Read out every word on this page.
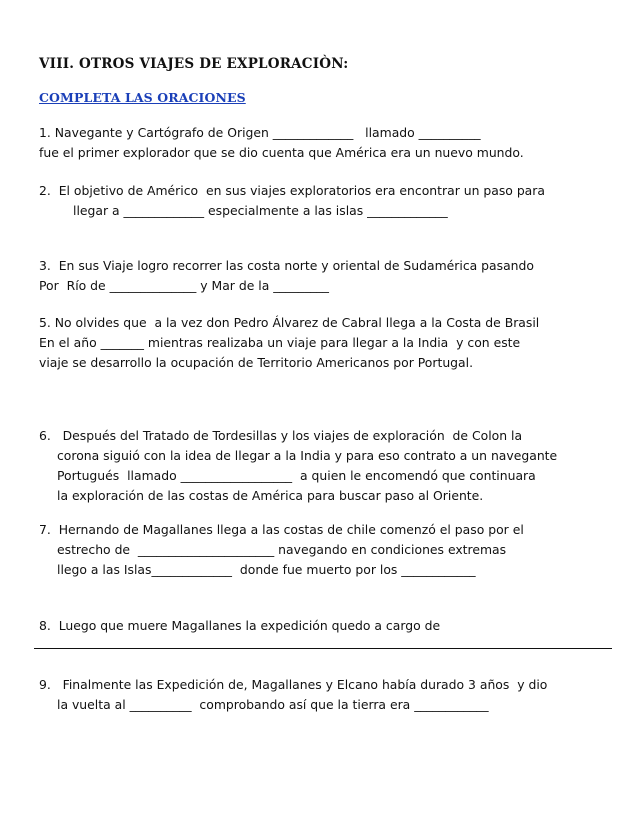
VIII. OTROS VIAJES DE EXPLORACIÒN:
COMPLETA LAS ORACIONES
1. Navegante y Cartógrafo de Origen _____________   llamado __________
fue el primer explorador que se dio cuenta que América era un nuevo mundo.
2.  El objetivo de Américo  en sus viajes exploratorios era encontrar un paso para
llegar a _____________ especialmente a las islas _____________
3.  En sus Viaje logro recorrer las costa norte y oriental de Sudamérica pasando
Por  Río de ______________ y Mar de la _________
5. No olvides que  a la vez don Pedro Álvarez de Cabral llega a la Costa de Brasil
En el año _______ mientras realizaba un viaje para llegar a la India  y con este
viaje se desarrollo la ocupación de Territorio Americanos por Portugal.
6.   Después del Tratado de Tordesillas y los viajes de exploración  de Colon la
corona siguió con la idea de llegar a la India y para eso contrato a un navegante
Portugués  llamado __________________  a quien le encomendó que continuara
la exploración de las costas de América para buscar paso al Oriente.
7.  Hernando de Magallanes llega a las costas de chile comenzó el paso por el
estrecho de  ______________________ navegando en condiciones extremas
llego a las Islas_____________  donde fue muerto por los ____________
8.  Luego que muere Magallanes la expedición quedo a cargo de
9.   Finalmente las Expedición de, Magallanes y Elcano había durado 3 años  y dio
la vuelta al __________  comprobando así que la tierra era ____________
